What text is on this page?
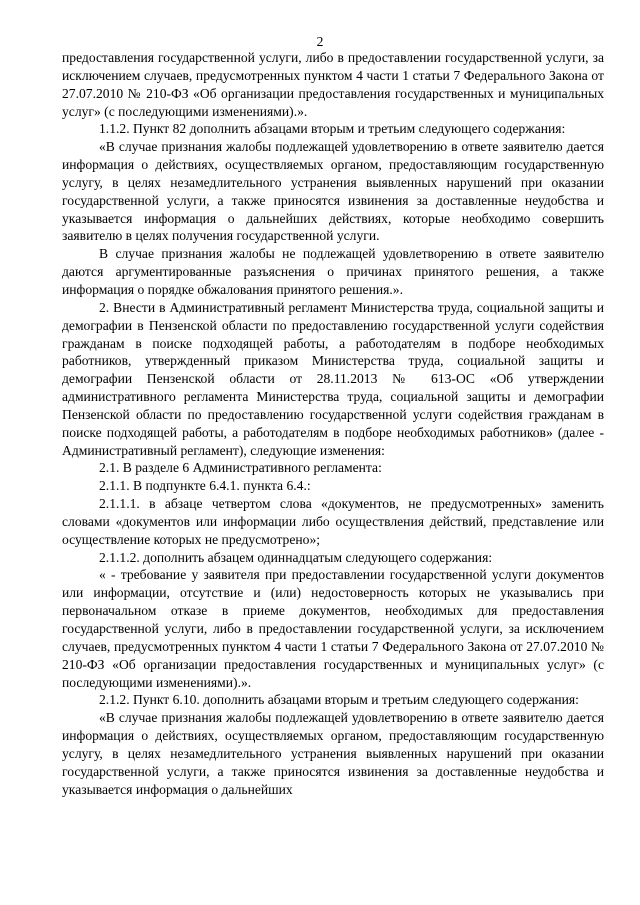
2

предоставления государственной услуги, либо в предоставлении государственной услуги, за исключением случаев, предусмотренных пунктом 4 части 1 статьи 7 Федерального Закона от 27.07.2010 № 210-ФЗ «Об организации предоставления государственных и муниципальных услуг» (с последующими изменениями).».

1.1.2. Пункт 82 дополнить абзацами вторым и третьим следующего содержания:

«В случае признания жалобы подлежащей удовлетворению в ответе заявителю дается информация о действиях, осуществляемых органом, предоставляющим государственную услугу, в целях незамедлительного устранения выявленных нарушений при оказании государственной услуги, а также приносятся извинения за доставленные неудобства и указывается информация о дальнейших действиях, которые необходимо совершить заявителю в целях получения государственной услуги.

В случае признания жалобы не подлежащей удовлетворению в ответе заявителю даются аргументированные разъяснения о причинах принятого решения, а также информация о порядке обжалования принятого решения.».

2. Внести в Административный регламент Министерства труда, социальной защиты и демографии в Пензенской области по предоставлению государственной услуги содействия гражданам в поиске подходящей работы, а работодателям в подборе необходимых работников, утвержденный приказом Министерства труда, социальной защиты и демографии Пензенской области от 28.11.2013 № 613-ОС «Об утверждении административного регламента Министерства труда, социальной защиты и демографии Пензенской области по предоставлению государственной услуги содействия гражданам в поиске подходящей работы, а работодателям в подборе необходимых работников» (далее - Административный регламент), следующие изменения:

2.1. В разделе 6 Административного регламента:

2.1.1. В подпункте 6.4.1. пункта 6.4.:

2.1.1.1. в абзаце четвертом слова «документов, не предусмотренных» заменить словами «документов или информации либо осуществления действий, представление или осуществление которых не предусмотрено»;

2.1.1.2. дополнить абзацем одиннадцатым следующего содержания:

« - требование у заявителя при предоставлении государственной услуги документов или информации, отсутствие и (или) недостоверность которых не указывались при первоначальном отказе в приеме документов, необходимых для предоставления государственной услуги, либо в предоставлении государственной услуги, за исключением случаев, предусмотренных пунктом 4 части 1 статьи 7 Федерального Закона от 27.07.2010 № 210-ФЗ «Об организации предоставления государственных и муниципальных услуг» (с последующими изменениями).».

2.1.2. Пункт 6.10. дополнить абзацами вторым и третьим следующего содержания:

«В случае признания жалобы подлежащей удовлетворению в ответе заявителю дается информация о действиях, осуществляемых органом, предоставляющим государственную услугу, в целях незамедлительного устранения выявленных нарушений при оказании государственной услуги, а также приносятся извинения за доставленные неудобства и указывается информация о дальнейших
